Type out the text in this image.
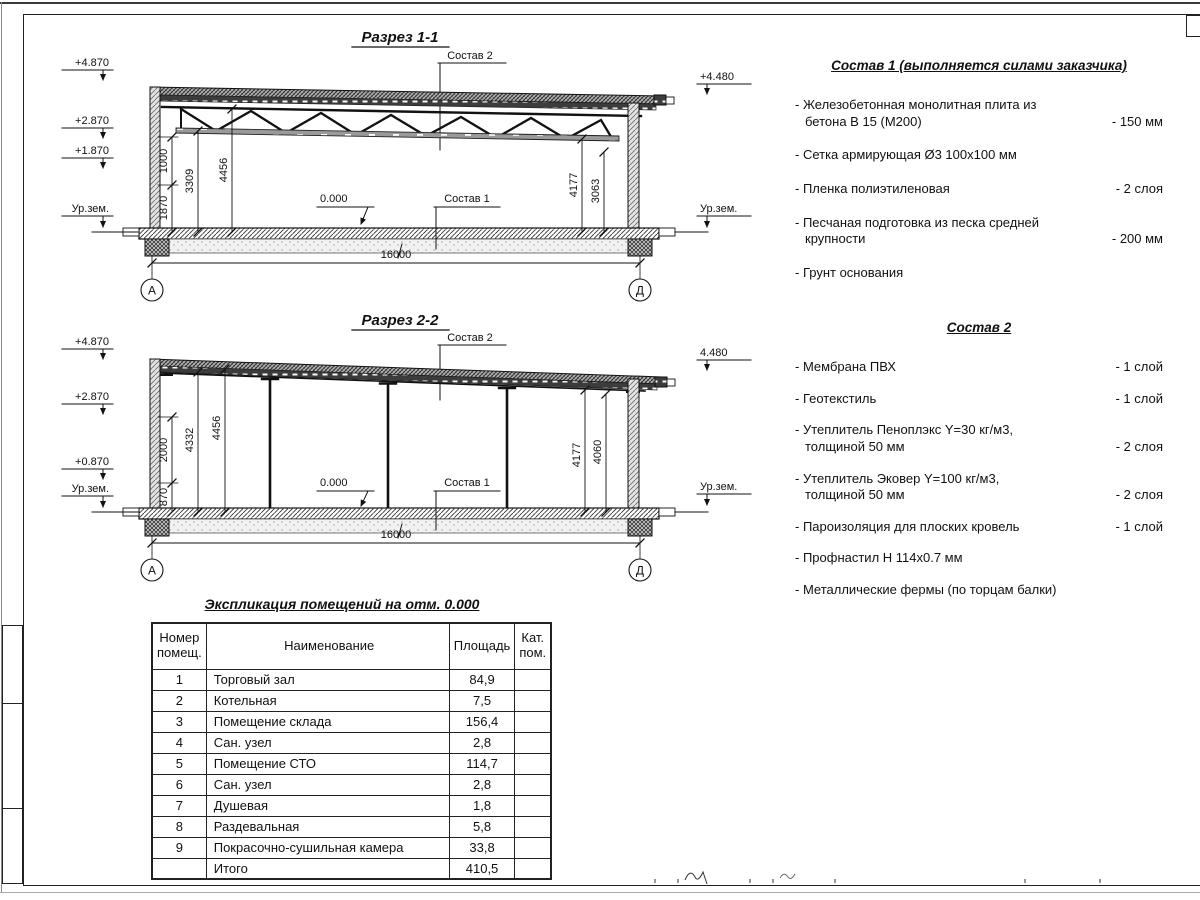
Разрез 1-1
Состав 2
1000
1870
3309 4456
4177 3063
0.000	Состав 1
16000
А	Д
+4.870
+2.870
+1.870
Ур.зем.
+4.480
Ур.зем.
Разрез 2-2
Состав 2
2000
870
4332 4456
4177 4060
0.000	Состав 1
16000
А	Д
+4.870
+2.870
+0.870
Ур.зем.
4.480
Ур.зем.
Состав 1 (выполняется силами заказчика)
- Железобетонная монолитная плита из бетона В 15 (М200)	- 150 мм
- Сетка армирующая Ø3 100х100 мм
- Пленка полиэтиленовая	- 2 слоя
- Песчаная подготовка из песка средней крупности	- 200 мм
- Грунт основания
Состав 2
- Мембрана ПВХ	- 1 слой
- Геотекстиль	- 1 слой
- Утеплитель Пеноплэкс Y=30 кг/м3, толщиной 50 мм	- 2 слоя
- Утеплитель Эковер Y=100 кг/м3, толщиной 50 мм	- 2 слоя
- Пароизоляция для плоских кровель	- 1 слой
- Профнастил Н 114х0.7 мм
- Металлические фермы (по торцам балки)
Экспликация помещений на отм. 0.000
Номер помещ.	Наименование	Площадь	Кат. пом.
1	Торговый зал	84,9	
2	Котельная	7,5	
3	Помещение склада	156,4	
4	Сан. узел	2,8	
5	Помещение СТО	114,7	
6	Сан. узел	2,8	
7	Душевая	1,8	
8	Раздевальная	5,8	
9	Покрасочно-сушильная камера	33,8	
	Итого	410,5	
